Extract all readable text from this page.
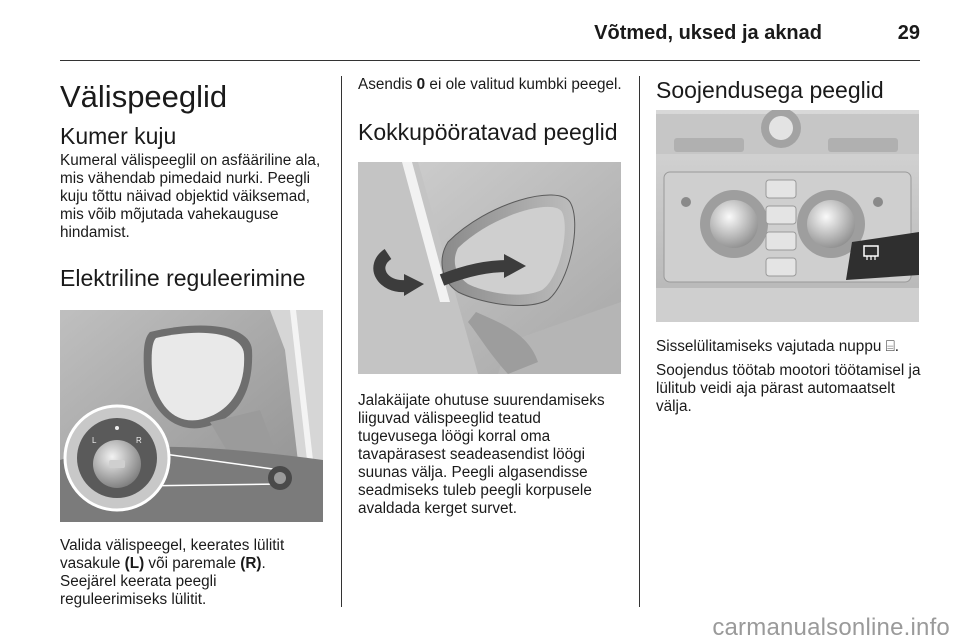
Võtmed, uksed ja aknad	29
Välispeeglid
Kumer kuju

Kumeral välispeeglil on asfääriline ala, mis vähendab pimedaid nurki. Peegli kuju tõttu näivad objektid väiksemad, mis võib mõjutada vahekauguse hindamist.

Elektriline reguleerimine
L	R

Valida välispeegel, keerates lülitit vasakule (L) või paremale (R). Seejärel keerata peegli reguleerimiseks lülitit.

Asendis 0 ei ole valitud kumbki peegel.

Kokkupööratavad peeglid

Jalakäijate ohutuse suurendamiseks liiguvad välispeeglid teatud tugevusega löögi korral oma tavapärasest seadeasendist löögi suunas välja. Peegli algasendisse seadmiseks tuleb peegli korpusele avaldada kerget survet.

Soojendusega peeglid

Sisselülitamiseks vajutada nuppu ⌸.

Soojendus töötab mootori töötamisel ja lülitub veidi aja pärast automaatselt välja.

carmanualsonline.info
